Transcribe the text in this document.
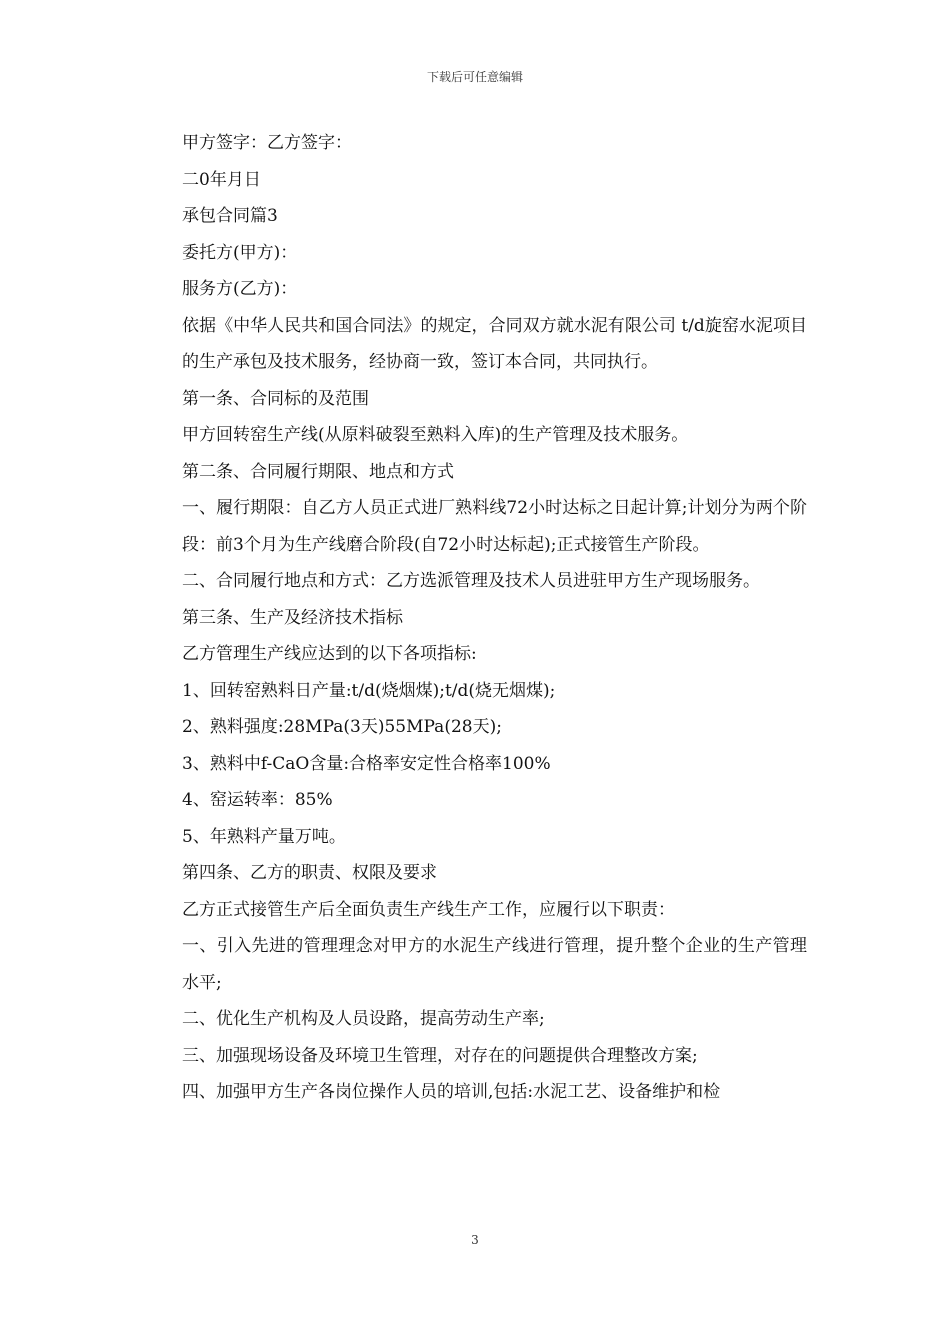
下载后可任意编辑

甲方签字：乙方签字：

二0年月日

承包合同篇3

委托方(甲方)：

服务方(乙方)：

依据《中华人民共和国合同法》的规定，合同双方就水泥有限公司 t/d旋窑水泥项目的生产承包及技术服务，经协商一致，签订本合同，共同执行。

第一条、合同标的及范围

甲方回转窑生产线(从原料破裂至熟料入库)的生产管理及技术服务。

第二条、合同履行期限、地点和方式

一、履行期限：自乙方人员正式进厂熟料线72小时达标之日起计算;计划分为两个阶段：前3个月为生产线磨合阶段(自72小时达标起);正式接管生产阶段。

二、合同履行地点和方式：乙方选派管理及技术人员进驻甲方生产现场服务。

第三条、生产及经济技术指标

乙方管理生产线应达到的以下各项指标:

1、回转窑熟料日产量:t/d(烧烟煤);t/d(烧无烟煤);

2、熟料强度:28MPa(3天)55MPa(28天);

3、熟料中f-CaO含量:合格率安定性合格率100%

4、窑运转率：85%

5、年熟料产量万吨。

第四条、乙方的职责、权限及要求

乙方正式接管生产后全面负责生产线生产工作，应履行以下职责：

一、引入先进的管理理念对甲方的水泥生产线进行管理，提升整个企业的生产管理水平;

二、优化生产机构及人员设路，提高劳动生产率;

三、加强现场设备及环境卫生管理，对存在的问题提供合理整改方案;

四、加强甲方生产各岗位操作人员的培训,包括:水泥工艺、设备维护和检

3
